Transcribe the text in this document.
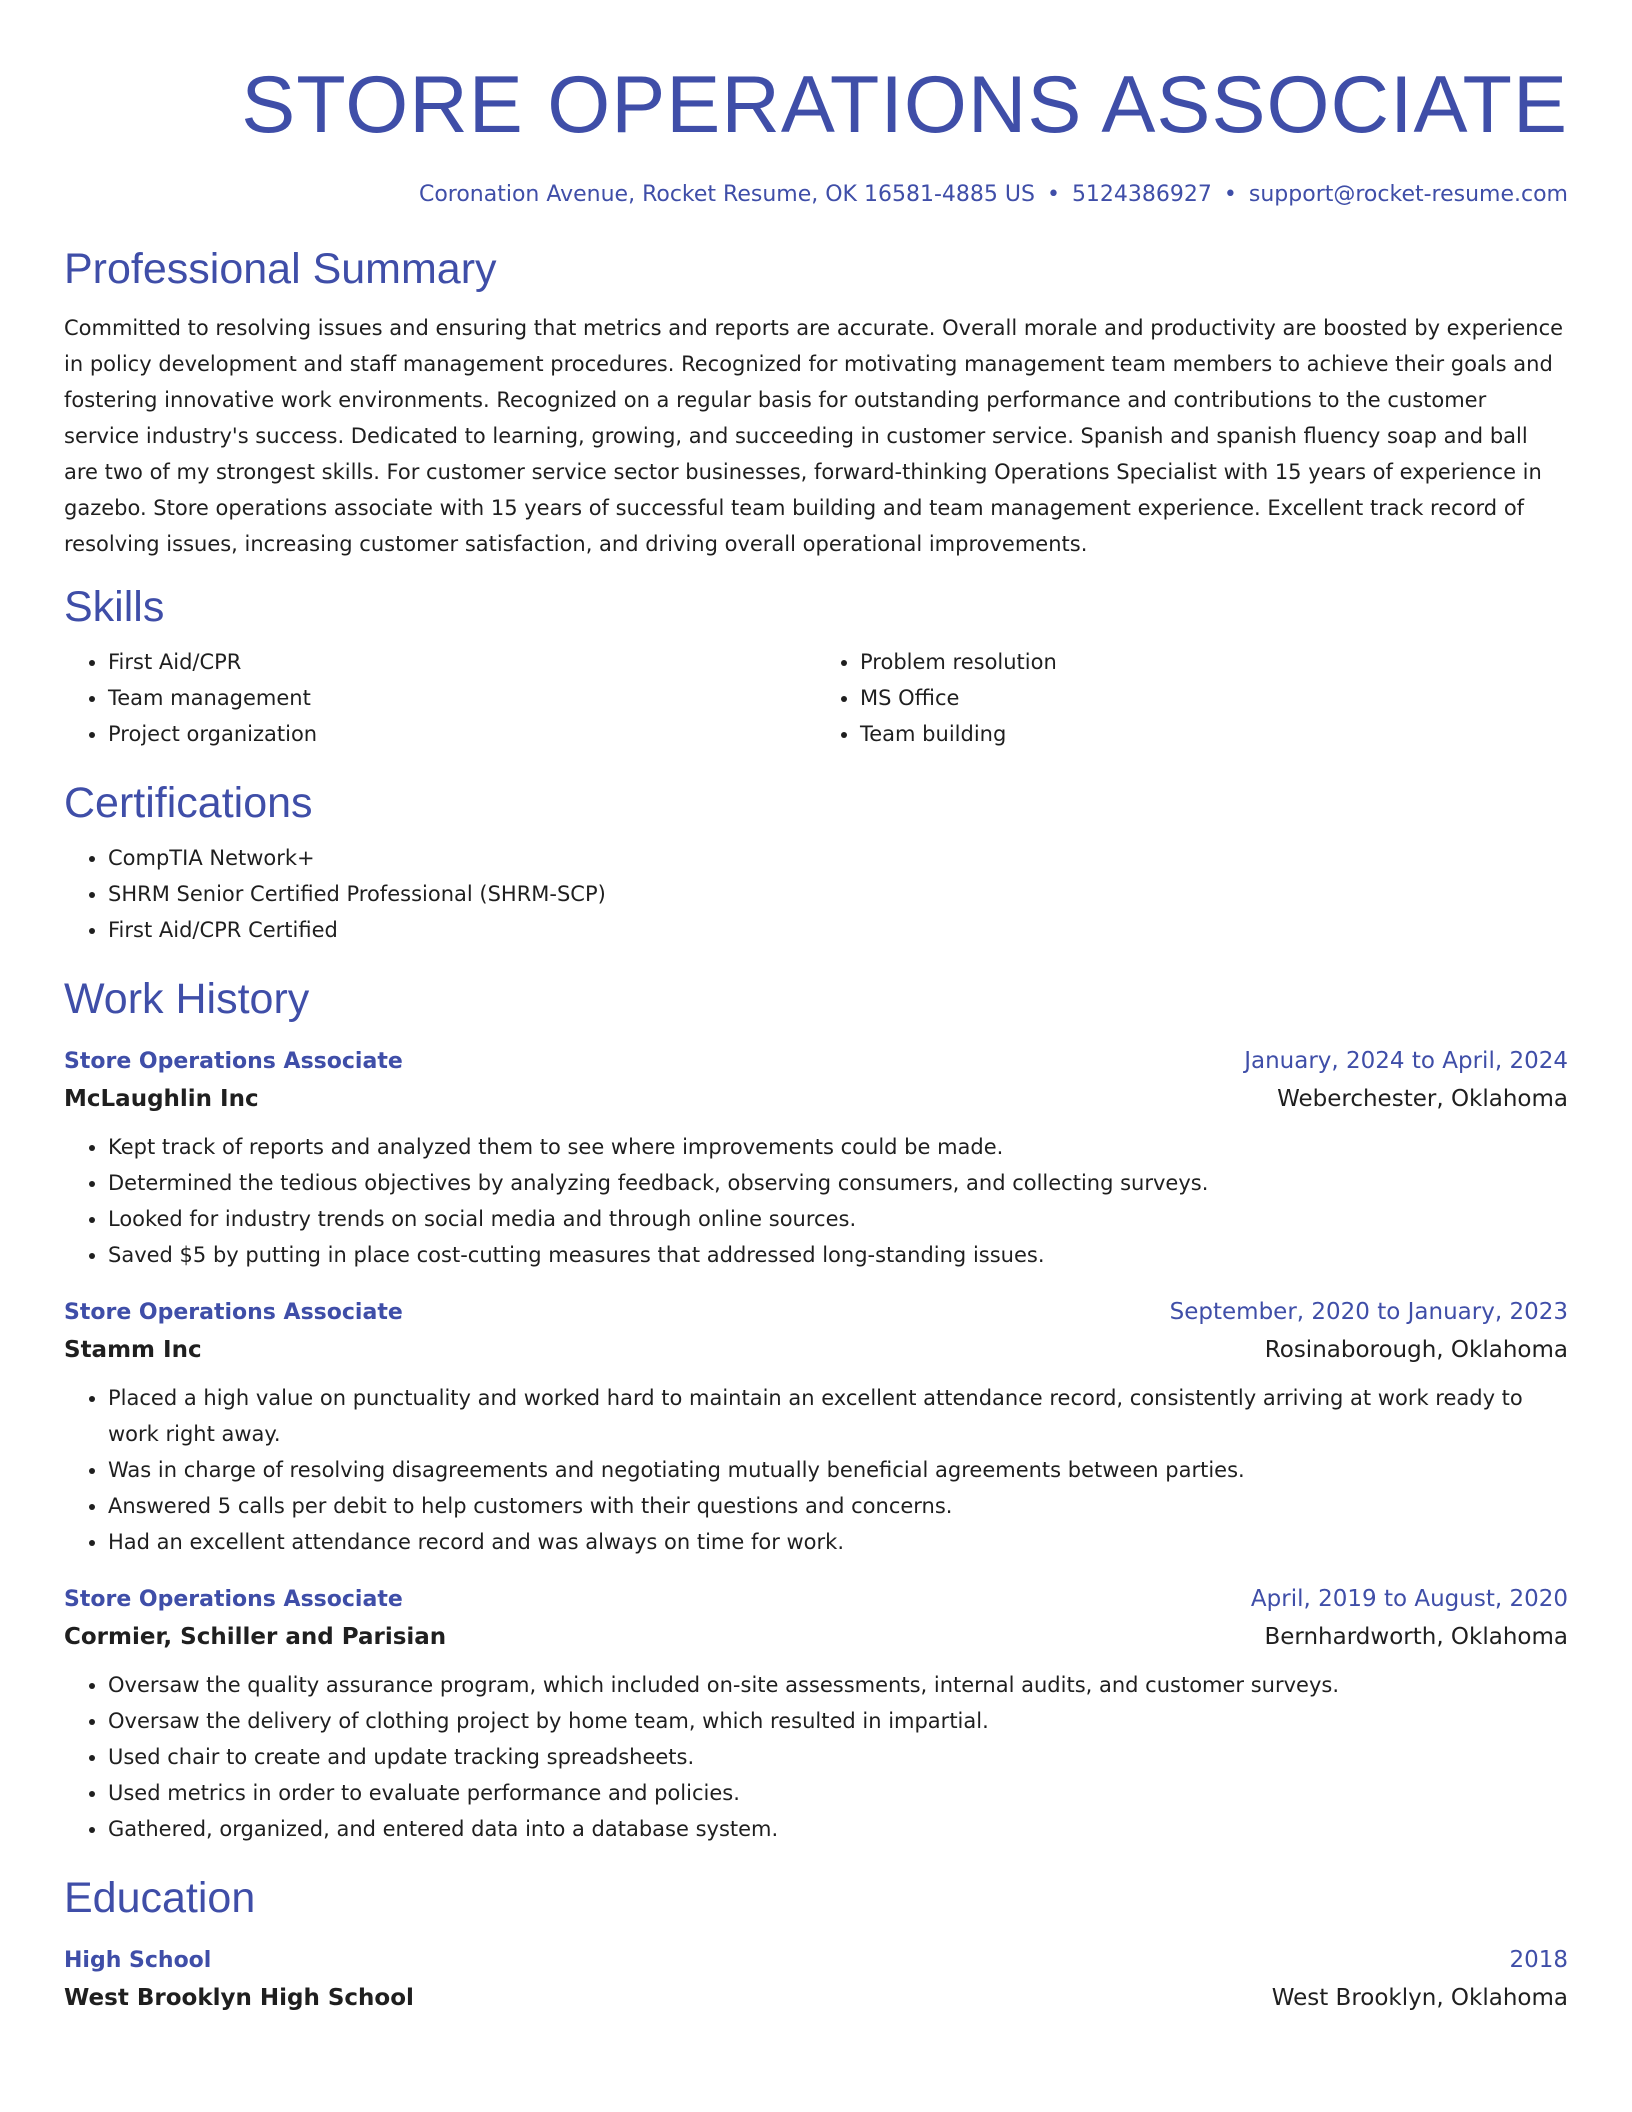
STORE OPERATIONS ASSOCIATE
Coronation Avenue, Rocket Resume, OK 16581-4885 US • 5124386927 • support@rocket-resume.com
Professional Summary

Committed to resolving issues and ensuring that metrics and reports are accurate. Overall morale and productivity are boosted by experience in policy development and staff management procedures. Recognized for motivating management team members to achieve their goals and fostering innovative work environments. Recognized on a regular basis for outstanding performance and contributions to the customer service industry's success. Dedicated to learning, growing, and succeeding in customer service. Spanish and spanish fluency soap and ball are two of my strongest skills. For customer service sector businesses, forward-thinking Operations Specialist with 15 years of experience in gazebo. Store operations associate with 15 years of successful team building and team management experience. Excellent track record of resolving issues, increasing customer satisfaction, and driving overall operational improvements.

Skills
• First Aid/CPR
• Team management
• Project organization
• Problem resolution
• MS Office
• Team building
Certifications
• CompTIA Network+
• SHRM Senior Certified Professional (SHRM-SCP)
• First Aid/CPR Certified
Work History
Store Operations Associate	January, 2024 to April, 2024
McLaughlin Inc	Weberchester, Oklahoma
• Kept track of reports and analyzed them to see where improvements could be made.
• Determined the tedious objectives by analyzing feedback, observing consumers, and collecting surveys.
• Looked for industry trends on social media and through online sources.
• Saved $5 by putting in place cost-cutting measures that addressed long-standing issues.
Store Operations Associate	September, 2020 to January, 2023
Stamm Inc	Rosinaborough, Oklahoma
• Placed a high value on punctuality and worked hard to maintain an excellent attendance record, consistently arriving at work ready to work right away.
• Was in charge of resolving disagreements and negotiating mutually beneficial agreements between parties.
• Answered 5 calls per debit to help customers with their questions and concerns.
• Had an excellent attendance record and was always on time for work.
Store Operations Associate	April, 2019 to August, 2020
Cormier, Schiller and Parisian	Bernhardworth, Oklahoma
• Oversaw the quality assurance program, which included on-site assessments, internal audits, and customer surveys.
• Oversaw the delivery of clothing project by home team, which resulted in impartial.
• Used chair to create and update tracking spreadsheets.
• Used metrics in order to evaluate performance and policies.
• Gathered, organized, and entered data into a database system.
Education
High School	2018
West Brooklyn High School	West Brooklyn, Oklahoma
